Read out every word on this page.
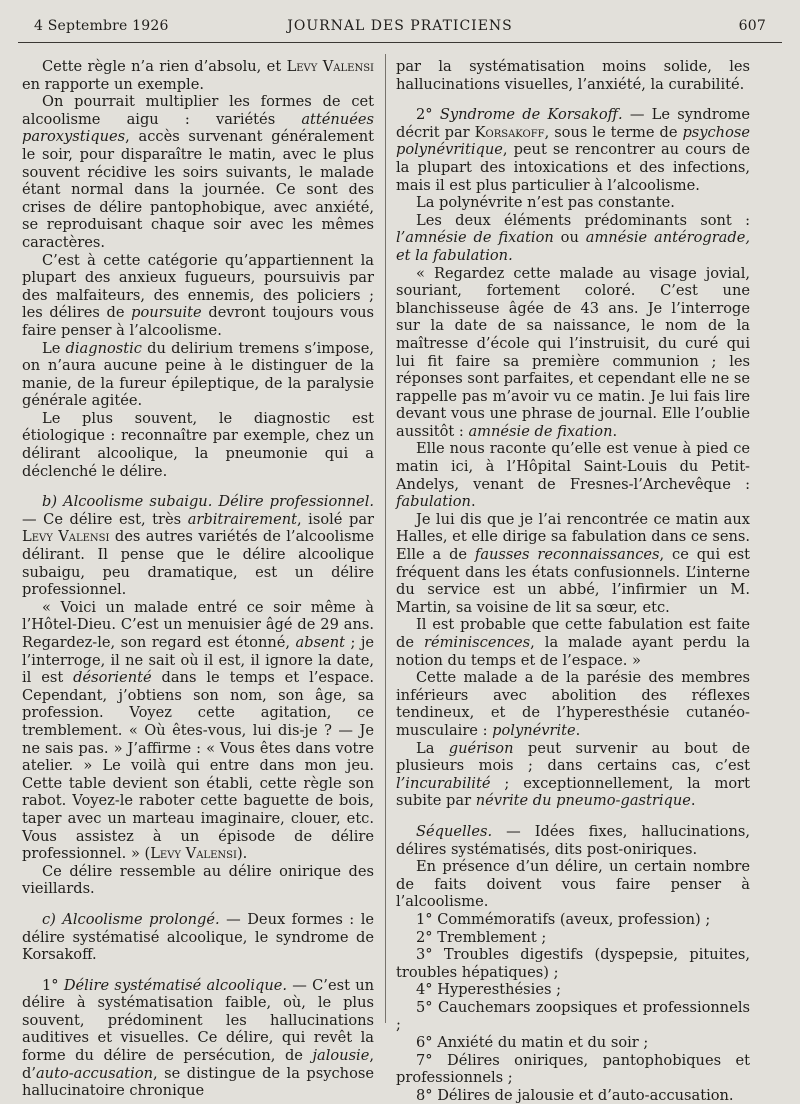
4 Septembre 1926	JOURNAL DES PRATICIENS	607

Cette règle n’a rien d’absolu, et Levy Valensi en rapporte un exemple.

On pourrait multiplier les formes de cet alcoolisme aigu : variétés atténuées paroxystiques, accès survenant généralement le soir, pour disparaître le matin, avec le plus souvent récidive les soirs suivants, le malade étant normal dans la journée. Ce sont des crises de délire pantophobique, avec anxiété, se reproduisant chaque soir avec les mêmes caractères.

C’est à cette catégorie qu’appartiennent la plupart des anxieux fugueurs, poursuivis par des malfaiteurs, des ennemis, des policiers ; les délires de poursuite devront toujours vous faire penser à l’alcoolisme.

Le diagnostic du delirium tremens s’impose, on n’aura aucune peine à le distinguer de la manie, de la fureur épileptique, de la paralysie générale agitée.

Le plus souvent, le diagnostic est étiologique : reconnaître par exemple, chez un délirant alcoolique, la pneumonie qui a déclenché le délire.

b) Alcoolisme subaigu. Délire professionnel. — Ce délire est, très arbitrairement, isolé par Levy Valensi des autres variétés de l’alcoolisme délirant. Il pense que le délire alcoolique subaigu, peu dramatique, est un délire professionnel.

« Voici un malade entré ce soir même à l’Hôtel-Dieu. C’est un menuisier âgé de 29 ans. Regardez-le, son regard est étonné, absent ; je l’interroge, il ne sait où il est, il ignore la date, il est désorienté dans le temps et l’espace. Cependant, j’obtiens son nom, son âge, sa profession. Voyez cette agitation, ce tremblement. « Où êtes-vous, lui dis-je ? — Je ne sais pas. » J’affirme : « Vous êtes dans votre atelier. » Le voilà qui entre dans mon jeu. Cette table devient son établi, cette règle son rabot. Voyez-le raboter cette baguette de bois, taper avec un marteau imaginaire, clouer, etc. Vous assistez à un épisode de délire professionnel. » (Levy Valensi).

Ce délire ressemble au délire onirique des vieillards.

c) Alcoolisme prolongé. — Deux formes : le délire systématisé alcoolique, le syndrome de Korsakoff.

1° Délire systématisé alcoolique. — C’est un délire à systématisation faible, où, le plus souvent, prédominent les hallucinations auditives et visuelles. Ce délire, qui revêt la forme du délire de persécution, de jalousie, d’auto-accusation, se distingue de la psychose hallucinatoire chronique

par la systématisation moins solide, les hallucinations visuelles, l’anxiété, la curabilité.

2° Syndrome de Korsakoff. — Le syndrome décrit par Korsakoff, sous le terme de psychose polynévritique, peut se rencontrer au cours de la plupart des intoxications et des infections, mais il est plus particulier à l’alcoolisme.

La polynévrite n’est pas constante.

Les deux éléments prédominants sont : l’amnésie de fixation ou amnésie antérograde, et la fabulation.

« Regardez cette malade au visage jovial, souriant, fortement coloré. C’est une blanchisseuse âgée de 43 ans. Je l’interroge sur la date de sa naissance, le nom de la maîtresse d’école qui l’instruisit, du curé qui lui fit faire sa première communion ; les réponses sont parfaites, et cependant elle ne se rappelle pas m’avoir vu ce matin. Je lui fais lire devant vous une phrase de journal. Elle l’oublie aussitôt : amnésie de fixation.

Elle nous raconte qu’elle est venue à pied ce matin ici, à l’Hôpital Saint-Louis du Petit-Andelys, venant de Fresnes-l’Archevêque : fabulation.

Je lui dis que je l’ai rencontrée ce matin aux Halles, et elle dirige sa fabulation dans ce sens. Elle a de fausses reconnaissances, ce qui est fréquent dans les états confusionnels. L’interne du service est un abbé, l’infirmier un M. Martin, sa voisine de lit sa sœur, etc.

Il est probable que cette fabulation est faite de réminiscences, la malade ayant perdu la notion du temps et de l’espace. »

Cette malade a de la parésie des membres inférieurs avec abolition des réflexes tendineux, et de l’hyperesthésie cutanéo-musculaire : polynévrite.

La guérison peut survenir au bout de plusieurs mois ; dans certains cas, c’est l’incurabilité ; exceptionnellement, la mort subite par névrite du pneumo-gastrique.

Séquelles. — Idées fixes, hallucinations, délires systématisés, dits post-oniriques.

En présence d’un délire, un certain nombre de faits doivent vous faire penser à l’alcoolisme.

1° Commémoratifs (aveux, profession) ;

2° Tremblement ;

3° Troubles digestifs (dyspepsie, pituites, troubles hépatiques) ;

4° Hyperesthésies ;

5° Cauchemars zoopsiques et professionnels ;

6° Anxiété du matin et du soir ;

7° Délires oniriques, pantophobiques et professionnels ;

8° Délires de jalousie et d’auto-accusation.
